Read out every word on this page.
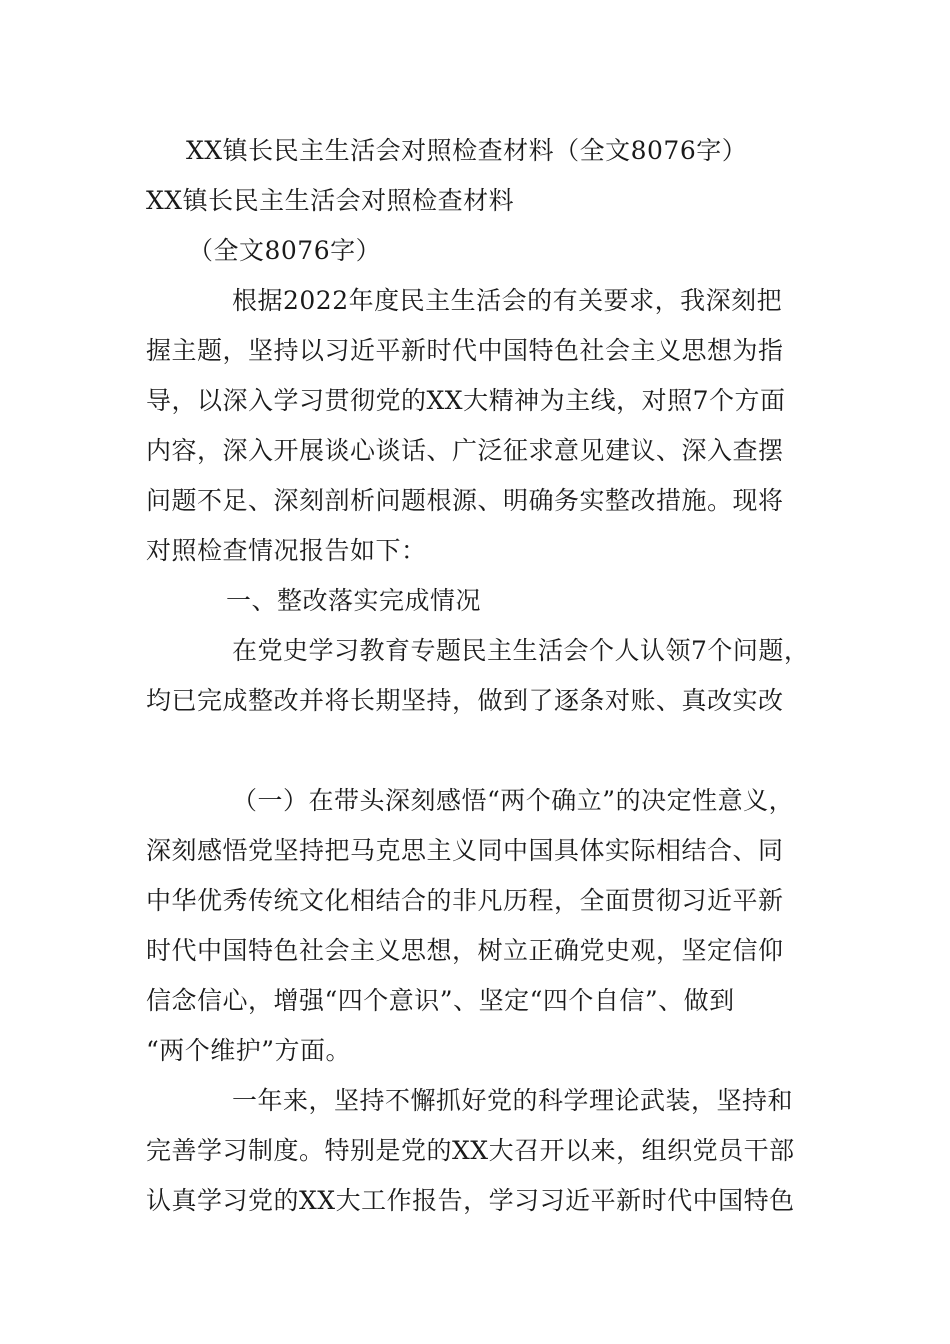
XX镇长民主生活会对照检查材料（全文8076字）
XX镇长民主生活会对照检查材料
（全文8076字）
根据2022年度民主生活会的有关要求，我深刻把
握主题，坚持以习近平新时代中国特色社会主义思想为指
导，以深入学习贯彻党的XX大精神为主线，对照7个方面
内容，深入开展谈心谈话、广泛征求意见建议、深入查摆
问题不足、深刻剖析问题根源、明确务实整改措施。现将
对照检查情况报告如下：
一、整改落实完成情况
在党史学习教育专题民主生活会个人认领7个问题，
均已完成整改并将长期坚持，做到了逐条对账、真改实改
（一）在带头深刻感悟“两个确立”的决定性意义，
深刻感悟党坚持把马克思主义同中国具体实际相结合、同
中华优秀传统文化相结合的非凡历程，全面贯彻习近平新
时代中国特色社会主义思想，树立正确党史观，坚定信仰
信念信心，增强“四个意识”、坚定“四个自信”、做到
“两个维护”方面。
一年来，坚持不懈抓好党的科学理论武装，坚持和
完善学习制度。特别是党的XX大召开以来，组织党员干部
认真学习党的XX大工作报告，学习习近平新时代中国特色
